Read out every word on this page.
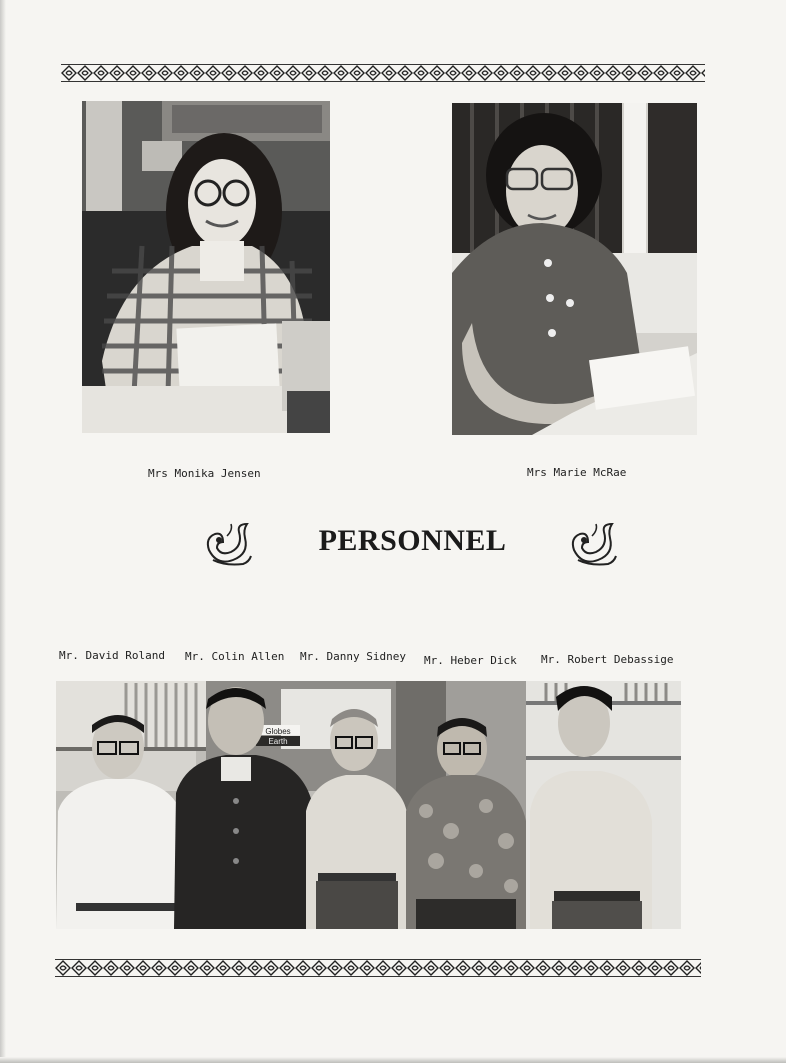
Mrs Monika Jensen	Mrs Marie McRae
PERSONNEL
Mr. David Roland Mr. Colin Allen Mr. Danny Sidney Mr. Heber Dick Mr. Robert Debassige
Globes
Earth
